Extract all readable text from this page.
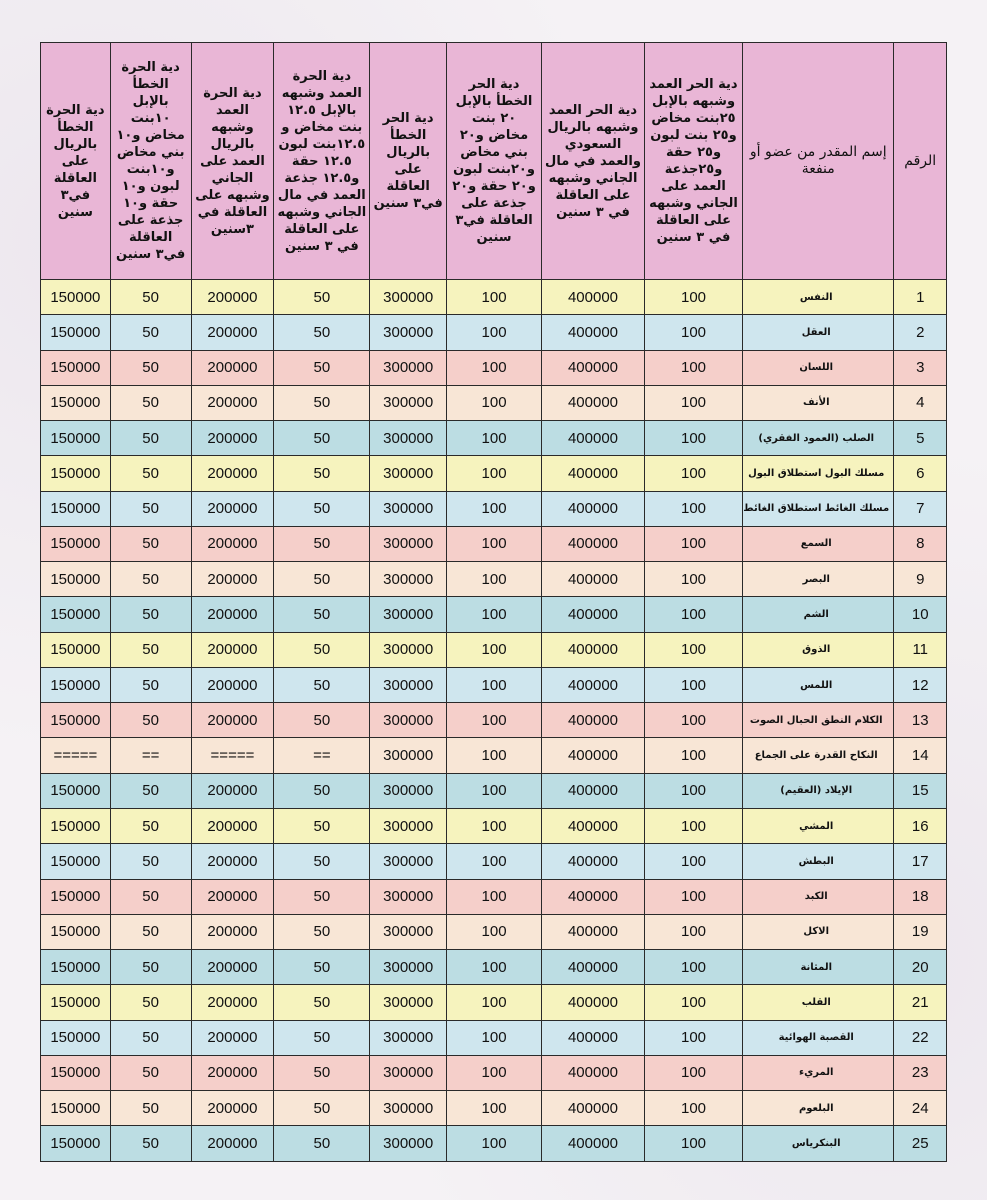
الرقم	إسم المقدر من عضو أو منفعة	دية الحر العمد وشبهه بالإبل ٢٥بنت مخاض و٢٥ بنت لبون و٢٥ حقة و٢٥جذعة العمد على الجاني وشبهه على العاقلة في ٣ سنين	دية الحر العمد وشبهه بالريال السعودي والعمد في مال الجاني وشبهه على العاقلة في ٣ سنين	دية الحر الخطأ بالإبل ٢٠ بنت مخاض و٢٠ بني مخاض و٢٠بنت لبون و٢٠ حقة و٢٠ جذعة على العاقلة في٣ سنين	دية الحر الخطأ بالريال على العاقلة في٣ سنين	دية الحرة العمد وشبهه بالإبل ١٢.٥ بنت مخاض و ١٢.٥بنت لبون ١٢.٥ حقة و١٢.٥ جذعة العمد في مال الجاني وشبهه على العاقلة في ٣ سنين	دية الحرة العمد وشبهه بالريال العمد على الجاني وشبهه على العاقلة في ٣سنين	دية الحرة الخطأ بالإبل ١٠بنت مخاض و١٠ بني مخاض و١٠بنت لبون و١٠ حقة و١٠ جذعة على العاقلة في٣ سنين	دية الحرة الخطأ بالريال على العاقلة في٣ سنين
1	النفس	100	400000	100	300000	50	200000	50	150000
2	العقل	100	400000	100	300000	50	200000	50	150000
3	اللسان	100	400000	100	300000	50	200000	50	150000
4	الأنف	100	400000	100	300000	50	200000	50	150000
5	الصلب (العمود الفقري)	100	400000	100	300000	50	200000	50	150000
6	مسلك البول استطلاق البول	100	400000	100	300000	50	200000	50	150000
7	مسلك الغائط استطلاق الغائط	100	400000	100	300000	50	200000	50	150000
8	السمع	100	400000	100	300000	50	200000	50	150000
9	البصر	100	400000	100	300000	50	200000	50	150000
10	الشم	100	400000	100	300000	50	200000	50	150000
11	الذوق	100	400000	100	300000	50	200000	50	150000
12	اللمس	100	400000	100	300000	50	200000	50	150000
13	الكلام النطق الحبال الصوت	100	400000	100	300000	50	200000	50	150000
14	النكاح القدرة على الجماع	100	400000	100	300000	==	=====	==	=====
15	الإيلاد (العقيم)	100	400000	100	300000	50	200000	50	150000
16	المشي	100	400000	100	300000	50	200000	50	150000
17	البطش	100	400000	100	300000	50	200000	50	150000
18	الكبد	100	400000	100	300000	50	200000	50	150000
19	الاكل	100	400000	100	300000	50	200000	50	150000
20	المثانة	100	400000	100	300000	50	200000	50	150000
21	القلب	100	400000	100	300000	50	200000	50	150000
22	القصبة الهوائية	100	400000	100	300000	50	200000	50	150000
23	المريء	100	400000	100	300000	50	200000	50	150000
24	البلعوم	100	400000	100	300000	50	200000	50	150000
25	البنكرياس	100	400000	100	300000	50	200000	50	150000
